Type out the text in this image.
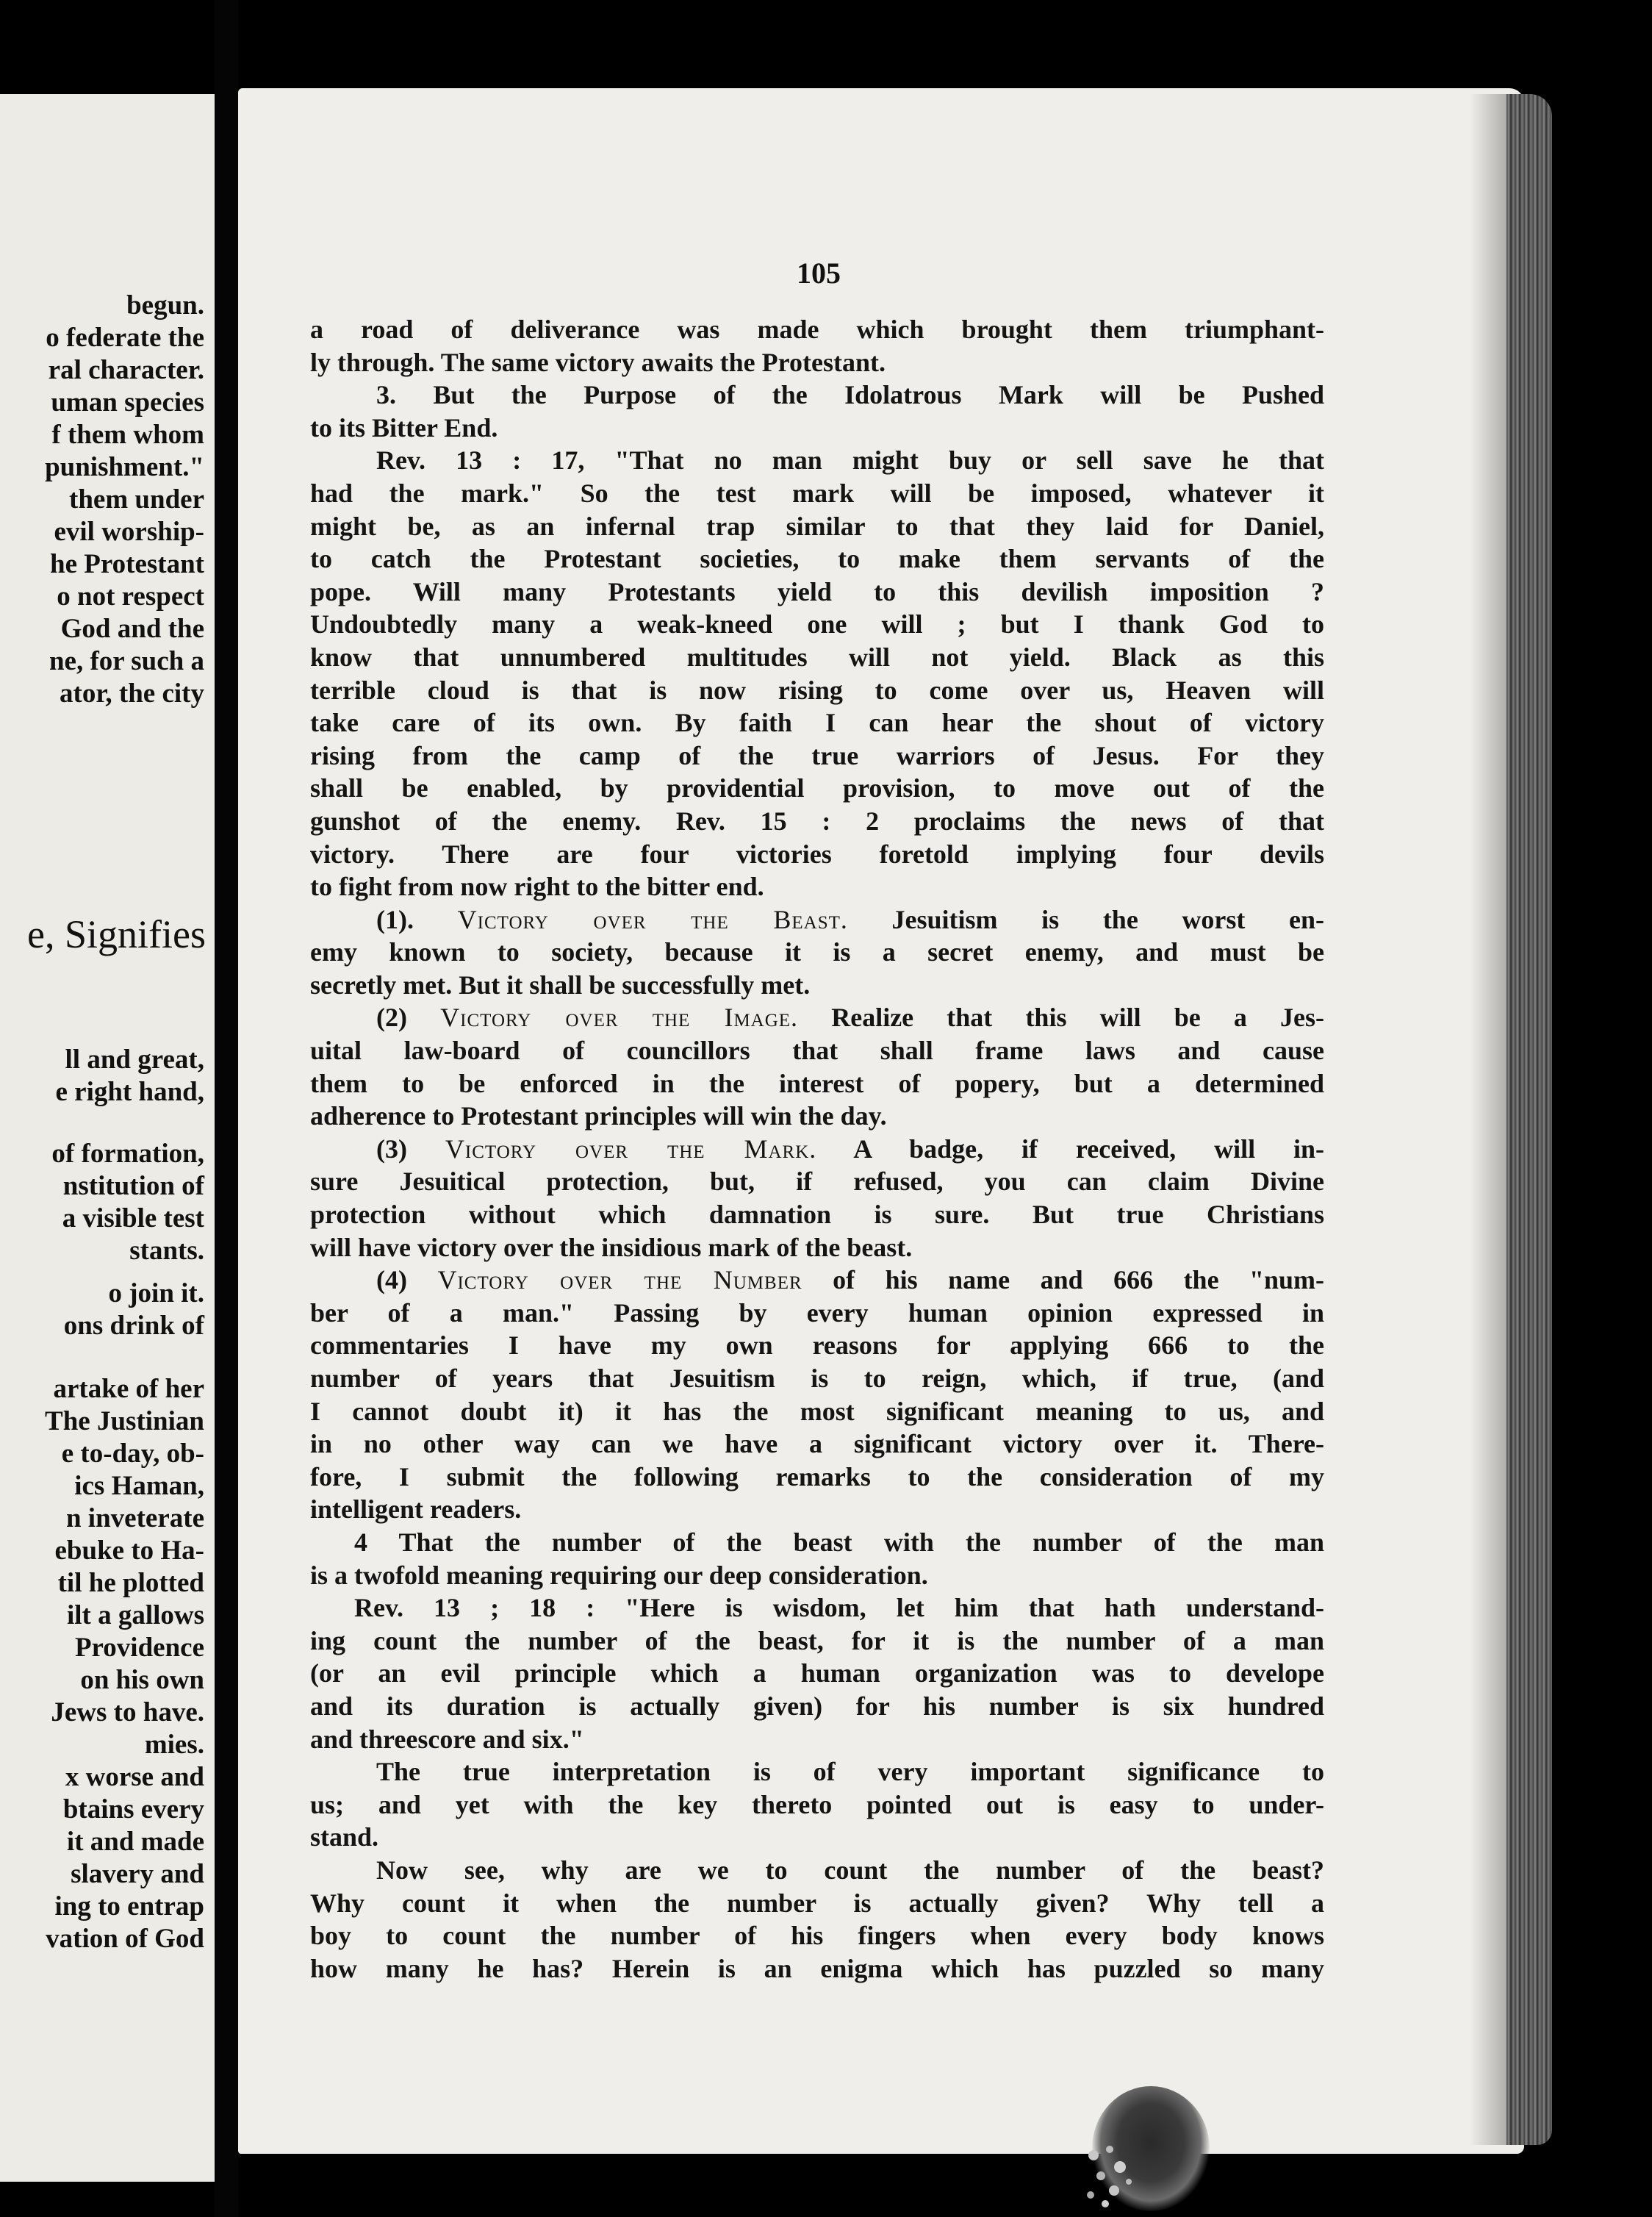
begun.
o federate the
ral character.
uman species
f them whom
punishment."
them under
evil worship-
he Protestant
o not respect
God and the
ne, for such a
ator, the city
e, Signifies
ll and great,
e right hand,
of formation,
nstitution of
a visible test
stants.
o join it.
ons drink of
artake of her
The Justinian
e to-day, ob-
ics Haman,
n inveterate
ebuke to Ha-
til he plotted
ilt a gallows
Providence
on his own
Jews to have.
mies.
x worse and
btains every
it and made
slavery and
ing to entrap
vation of God
105
a road of deliverance was made which brought them triumphant-
ly through. The same victory awaits the Protestant.
3. But the Purpose of the Idolatrous Mark will be Pushed
to its Bitter End.
Rev. 13 : 17, "That no man might buy or sell save he that
had the mark." So the test mark will be imposed, whatever it
might be, as an infernal trap similar to that they laid for Daniel,
to catch the Protestant societies, to make them servants of the
pope. Will many Protestants yield to this devilish imposition ?
Undoubtedly many a weak-kneed one will ; but I thank God to
know that unnumbered multitudes will not yield. Black as this
terrible cloud is that is now rising to come over us, Heaven will
take care of its own. By faith I can hear the shout of victory
rising from the camp of the true warriors of Jesus. For they
shall be enabled, by providential provision, to move out of the
gunshot of the enemy. Rev. 15 : 2 proclaims the news of that
victory. There are four victories foretold implying four devils
to fight from now right to the bitter end.
(1). Victory over the Beast. Jesuitism is the worst en-
emy known to society, because it is a secret enemy, and must be
secretly met. But it shall be successfully met.
(2) Victory over the Image. Realize that this will be a Jes-
uital law-board of councillors that shall frame laws and cause
them to be enforced in the interest of popery, but a determined
adherence to Protestant principles will win the day.
(3) Victory over the Mark. A badge, if received, will in-
sure Jesuitical protection, but, if refused, you can claim Divine
protection without which damnation is sure. But true Christians
will have victory over the insidious mark of the beast.
(4) Victory over the Number of his name and 666 the "num-
ber of a man." Passing by every human opinion expressed in
commentaries I have my own reasons for applying 666 to the
number of years that Jesuitism is to reign, which, if true, (and
I cannot doubt it) it has the most significant meaning to us, and
in no other way can we have a significant victory over it. There-
fore, I submit the following remarks to the consideration of my
intelligent readers.
4 That the number of the beast with the number of the man
is a twofold meaning requiring our deep consideration.
Rev. 13 ; 18 : "Here is wisdom, let him that hath understand-
ing count the number of the beast, for it is the number of a man
(or an evil principle which a human organization was to develope
and its duration is actually given) for his number is six hundred
and threescore and six."
The true interpretation is of very important significance to
us; and yet with the key thereto pointed out is easy to under-
stand.
Now see, why are we to count the number of the beast?
Why count it when the number is actually given? Why tell a
boy to count the number of his fingers when every body knows
how many he has? Herein is an enigma which has puzzled so many
